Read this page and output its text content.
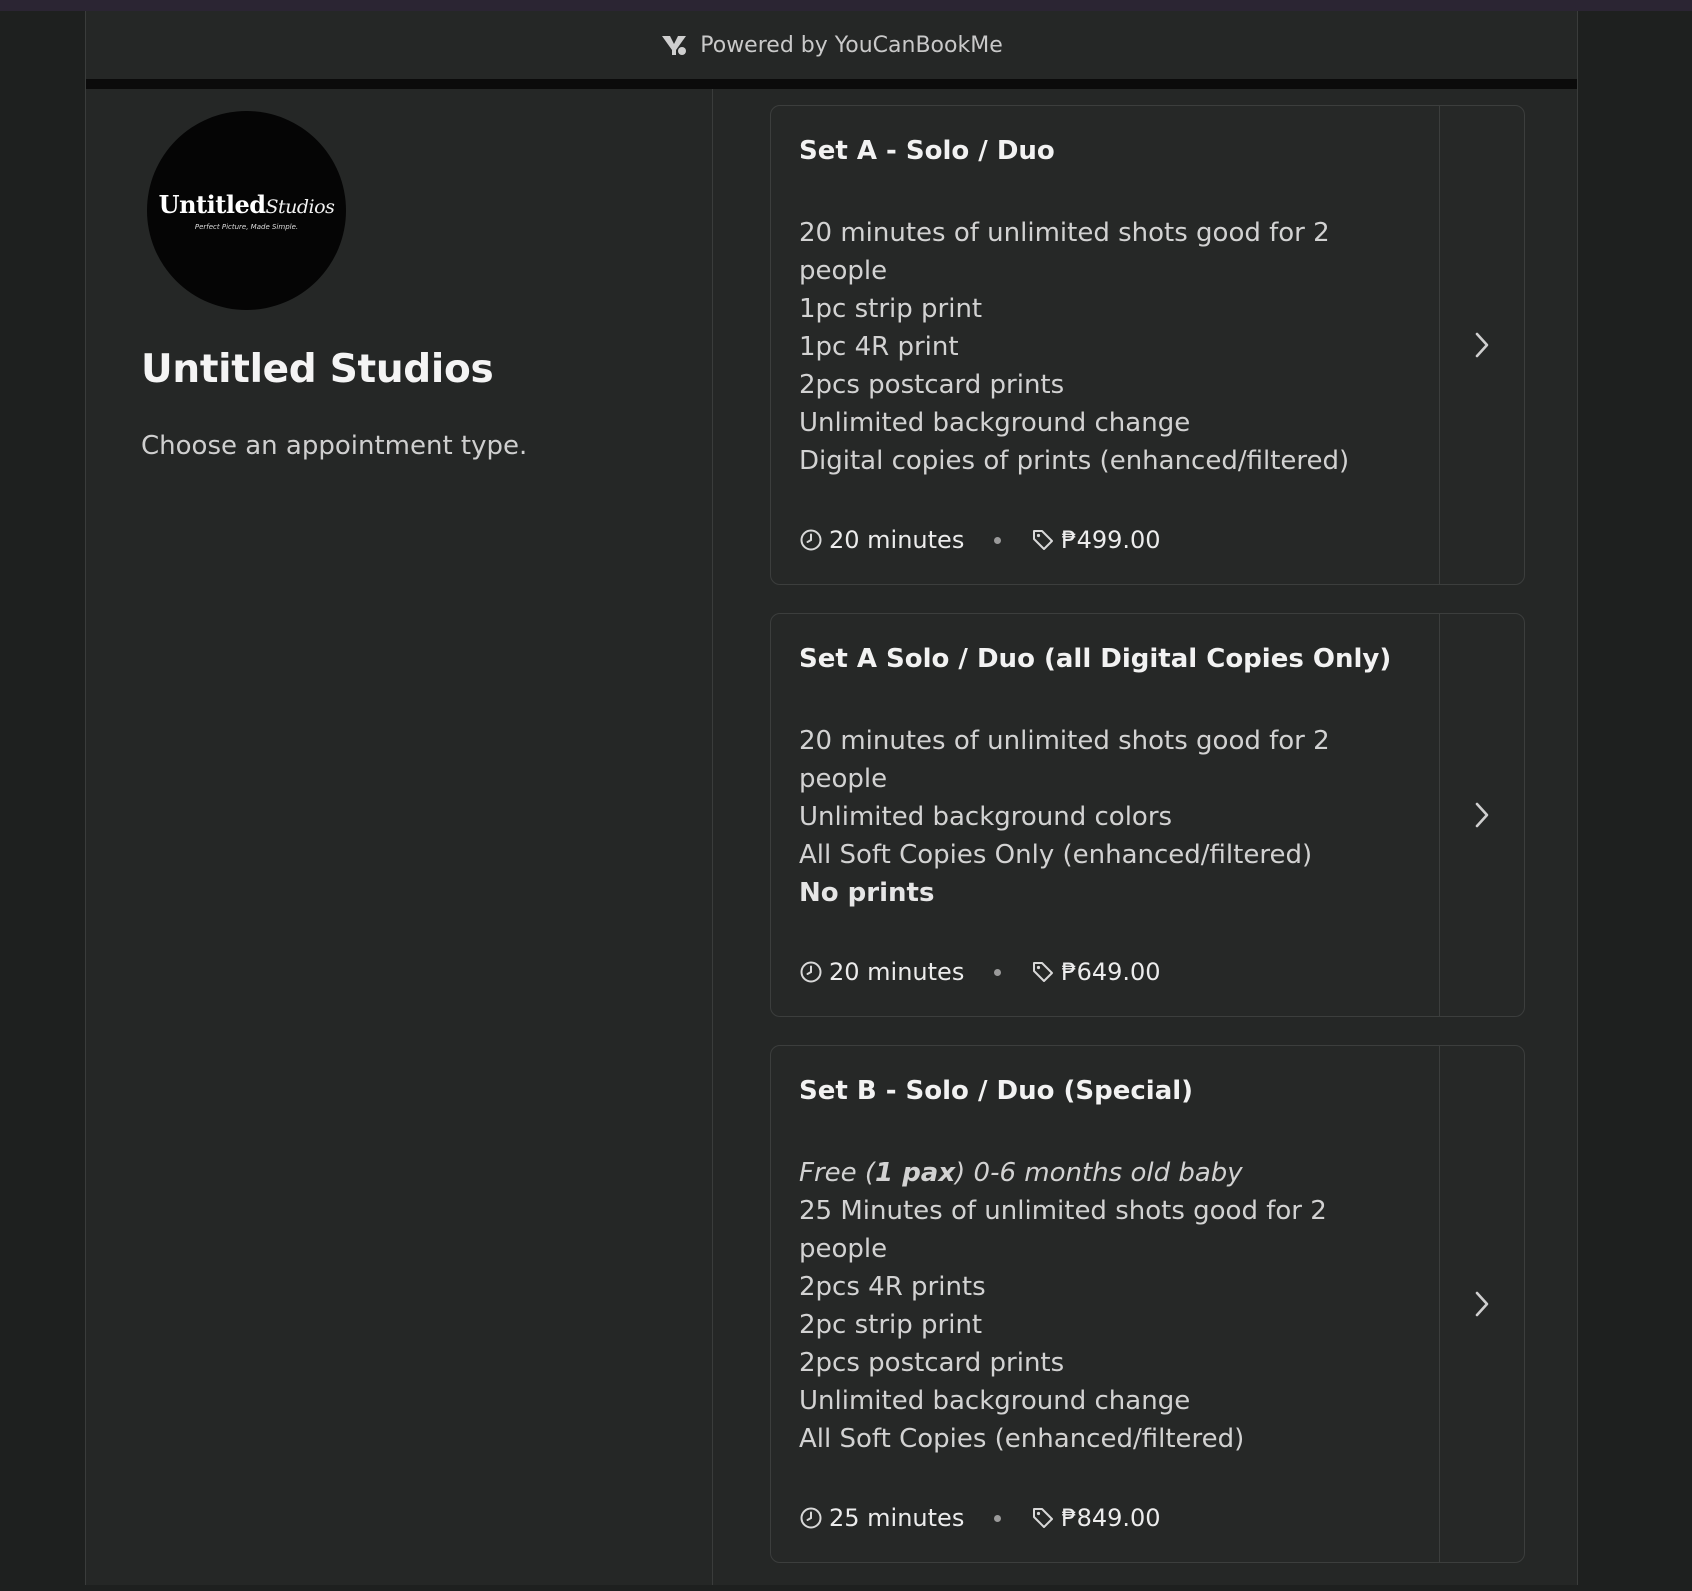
Powered by YouCanBookMe
UntitledStudios
Perfect Picture, Made Simple.
Untitled Studios

Choose an appointment type.

Set A - Solo / Duo
20 minutes of unlimited shots good for 2 people
1pc strip print
1pc 4R print
2pcs postcard prints
Unlimited background change
Digital copies of prints (enhanced/filtered)
20 minutes	₱499.00
Set A Solo / Duo (all Digital Copies Only)
20 minutes of unlimited shots good for 2 people
Unlimited background colors
All Soft Copies Only (enhanced/filtered)
No prints
20 minutes	₱649.00
Set B - Solo / Duo (Special)
Free (1 pax) 0-6 months old baby
25 Minutes of unlimited shots good for 2 people
2pcs 4R prints
2pc strip print
2pcs postcard prints
Unlimited background change
All Soft Copies (enhanced/filtered)
25 minutes	₱849.00
